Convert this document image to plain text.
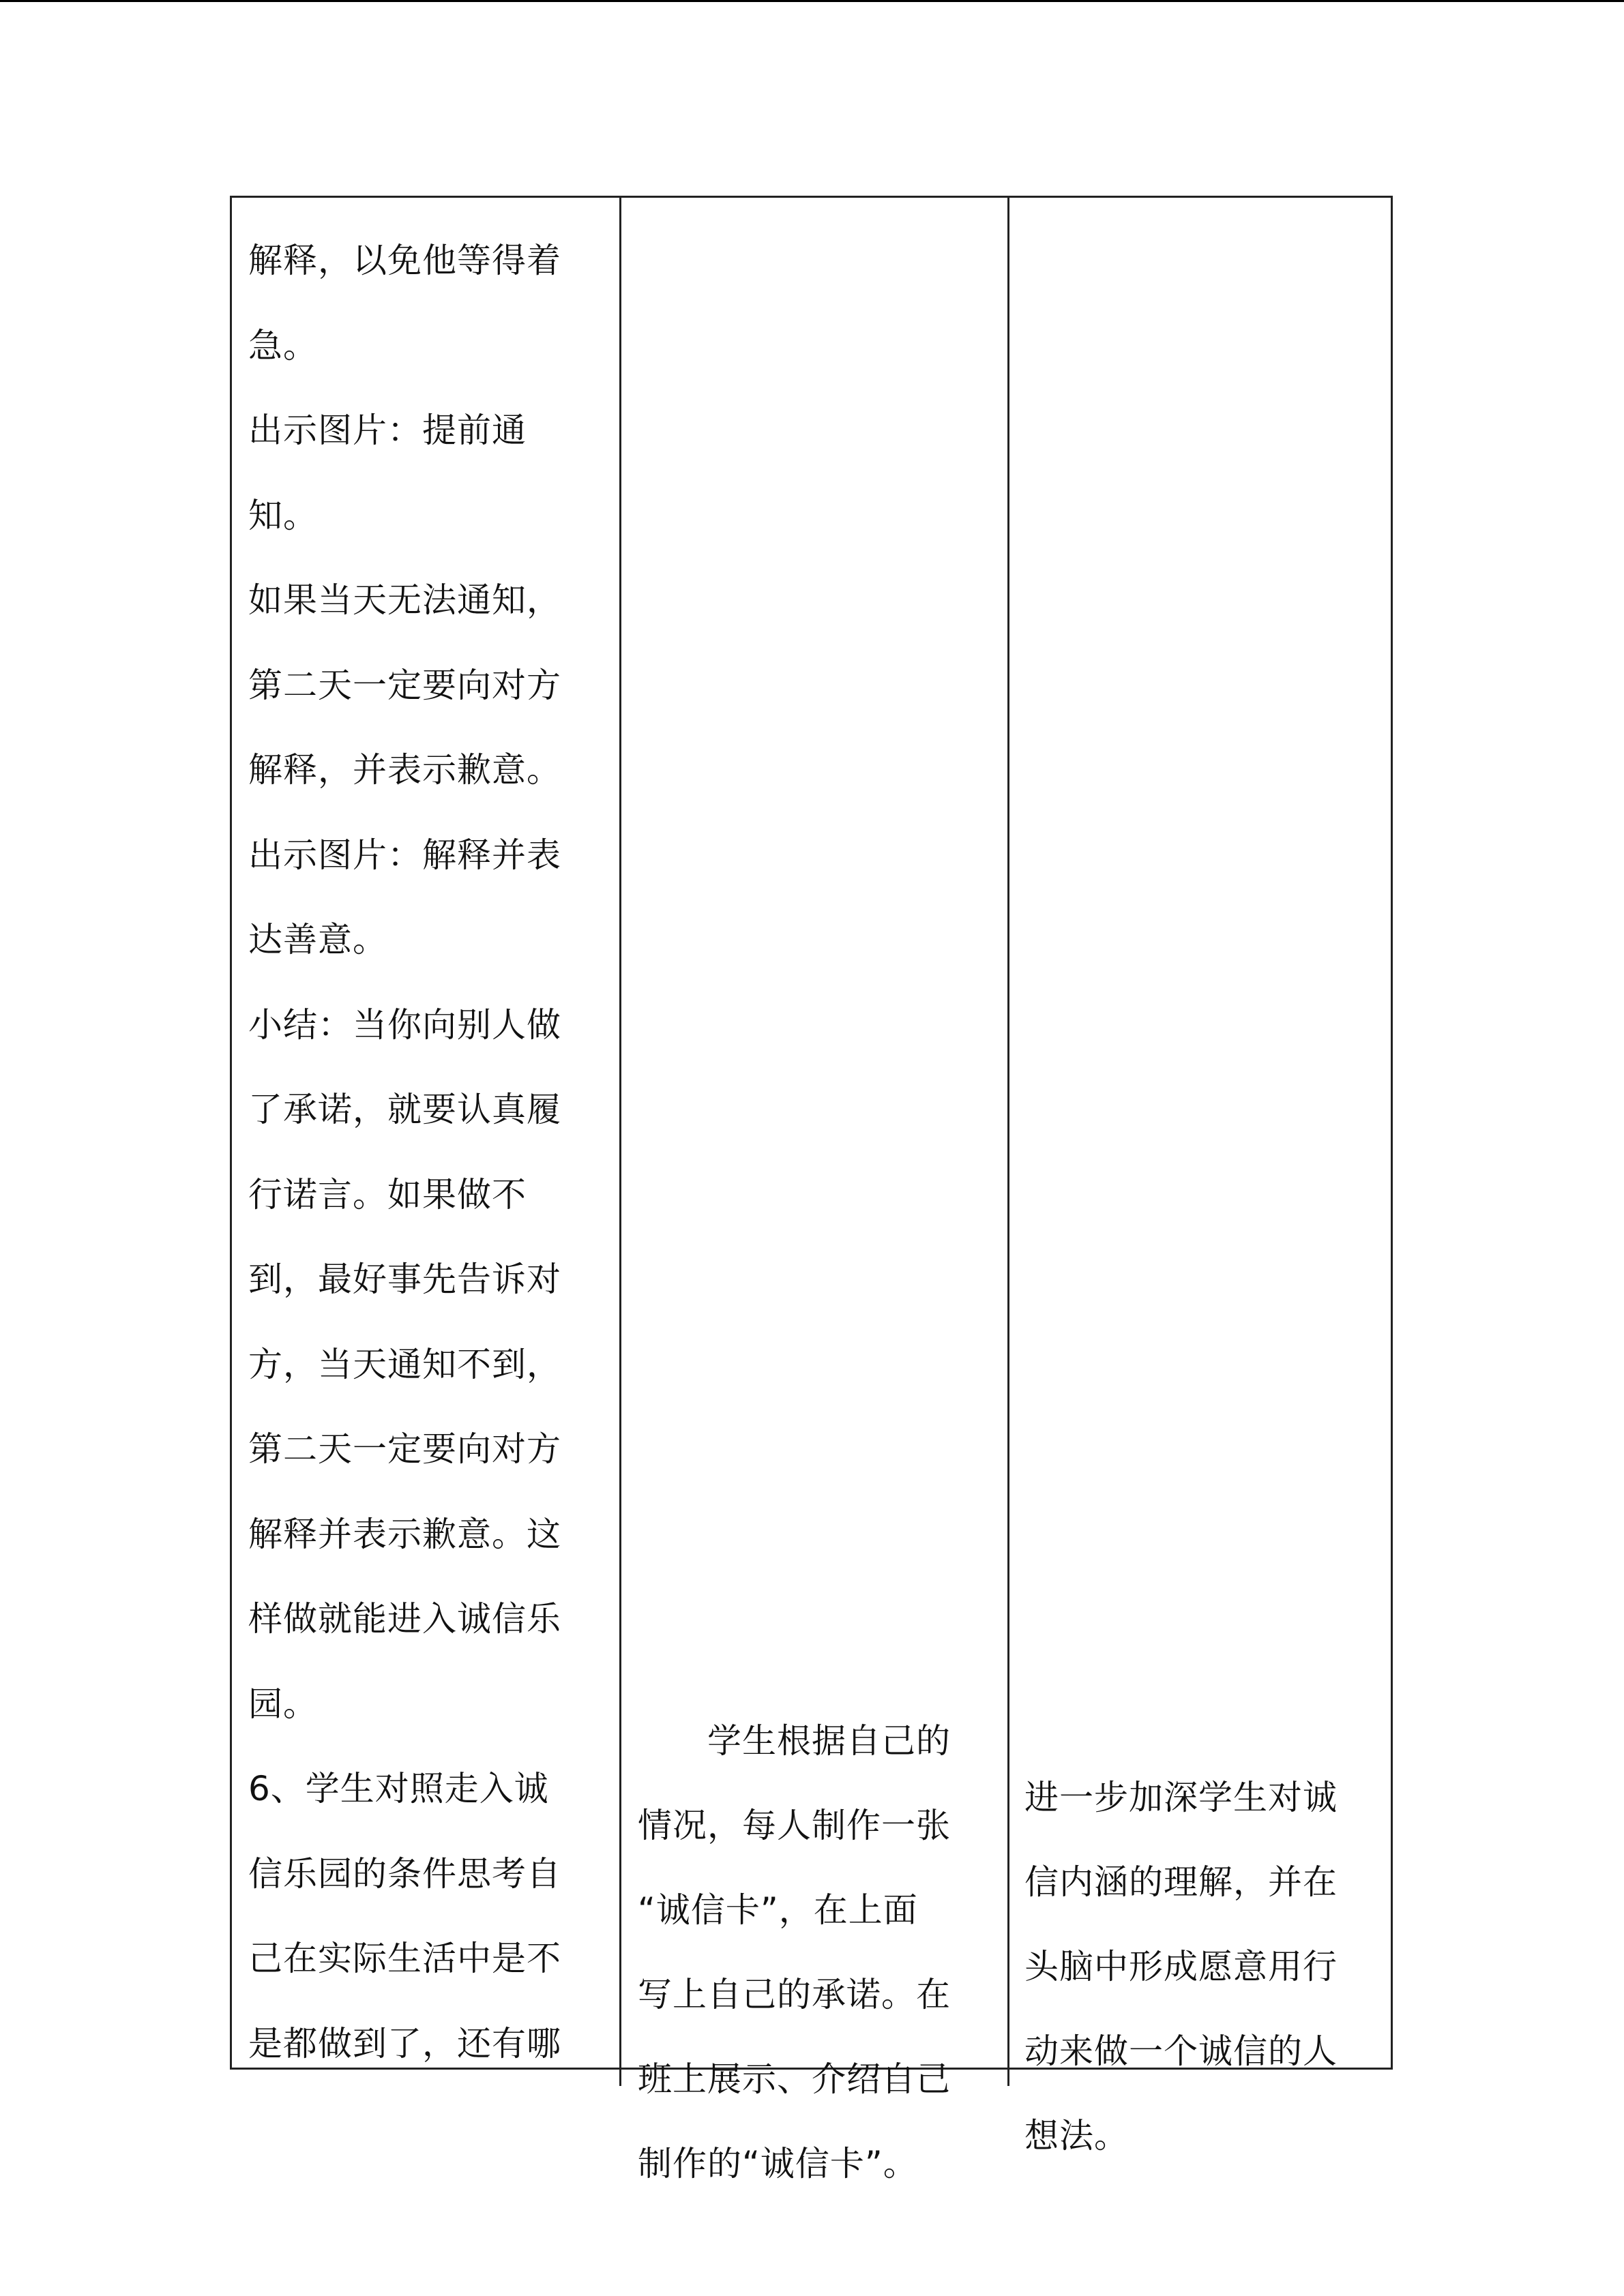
解释，以免他等得着
急。
出示图片：提前通
知。
如果当天无法通知，
第二天一定要向对方
解释，并表示歉意。
出示图片：解释并表
达善意。
小结：当你向别人做
了承诺，就要认真履
行诺言。如果做不
到，最好事先告诉对
方，当天通知不到，
第二天一定要向对方
解释并表示歉意。这
样做就能进入诚信乐
园。
6、学生对照走入诚
信乐园的条件思考自
己在实际生活中是不
是都做到了，还有哪
　　学生根据自己的
情况，每人制作一张
“诚信卡”，在上面
写上自己的承诺。在
班上展示、介绍自己
制作的“诚信卡”。
进一步加深学生对诚
信内涵的理解，并在
头脑中形成愿意用行
动来做一个诚信的人
想法。
